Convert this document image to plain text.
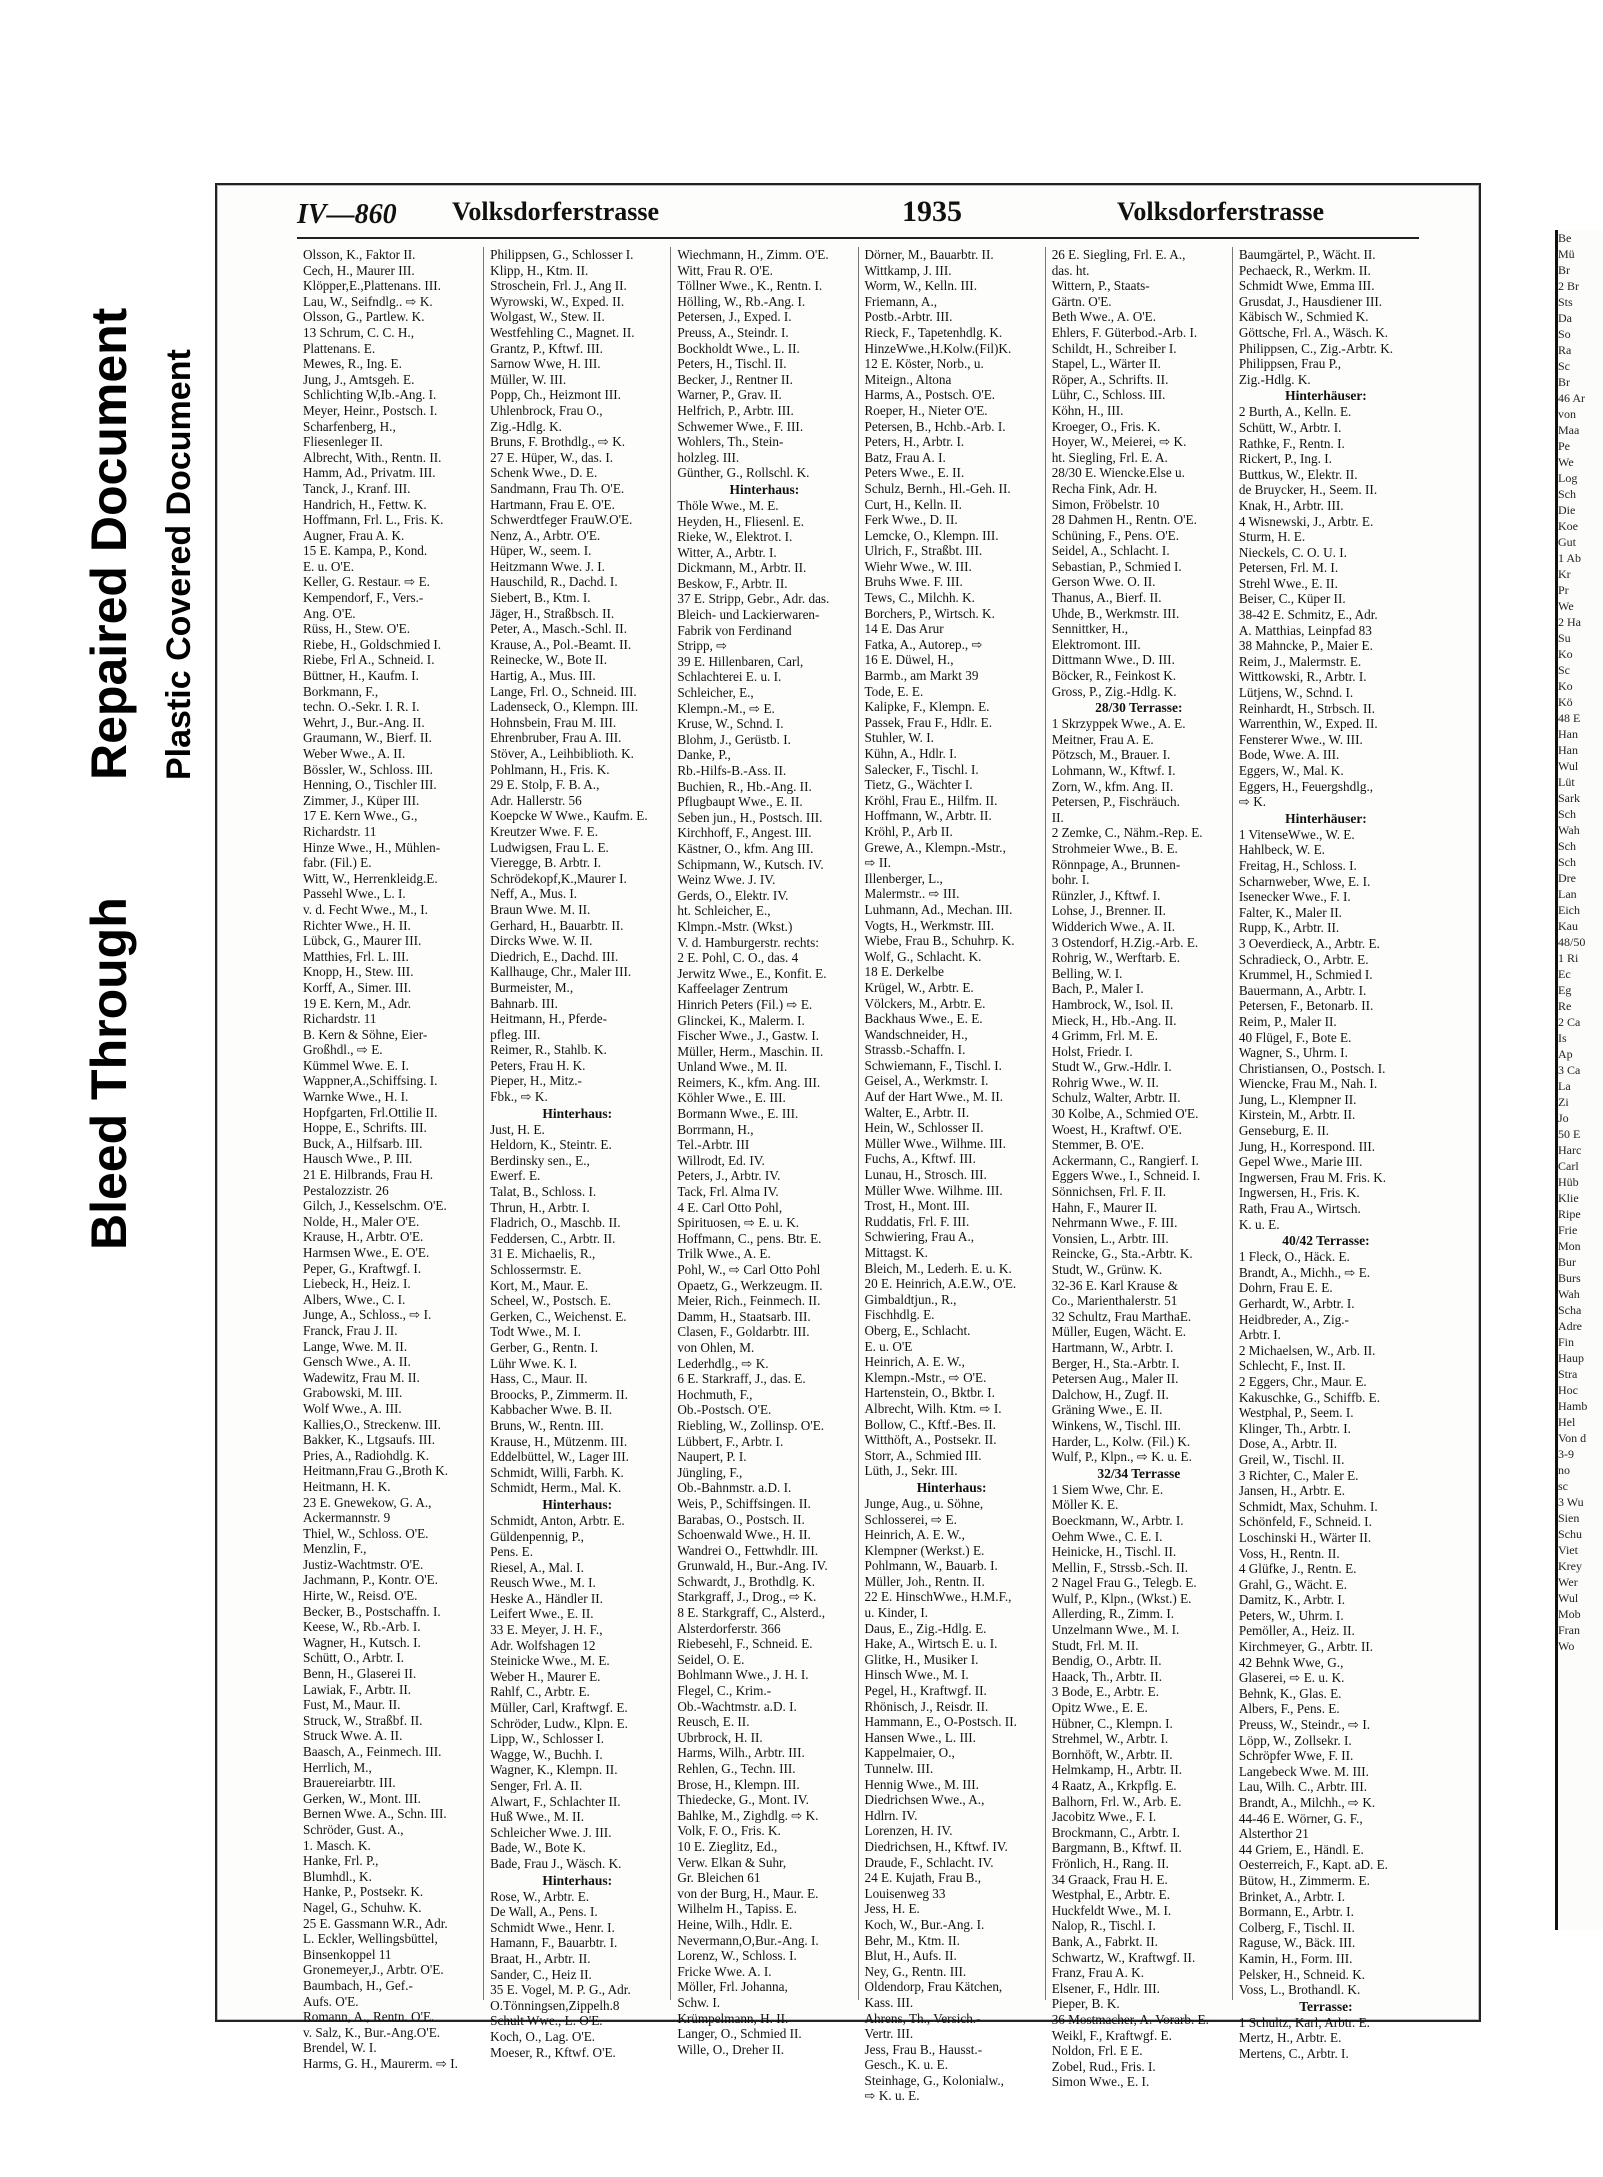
Bleed Through
Repaired Document Plastic Covered Document
IV—860 Volksdorferstrasse	1935	Volksdorferstrasse
Olsson, K., Faktor II.
Cech, H., Maurer III.
Klöpper,E.,Plattenans. III.
Lau, W., Seifndlg.. ⇨ K.
Olsson, G., Partlew. K.
13 Schrum, C. C. H.,
Plattenans. E.
Mewes, R., Ing. E.
Jung, J., Amtsgeh. E.
Schlichting W,Ib.-Ang. I.
Meyer, Heinr., Postsch. I.
Scharfenberg, H.,
Fliesenleger II.
Albrecht, With., Rentn. II.
Hamm, Ad., Privatm. III.
Tanck, J., Kranf. III.
Handrich, H., Fettw. K.
Hoffmann, Frl. L., Fris. K.
Augner, Frau A. K.
15 E. Kampa, P., Kond.
E. u. O'E.
Keller, G. Restaur. ⇨ E.
Kempendorf, F., Vers.-
Ang. O'E.
Rüss, H., Stew. O'E.
Riebe, H., Goldschmied I.
Riebe, Frl A., Schneid. I.
Büttner, H., Kaufm. I.
Borkmann, F.,
techn. O.-Sekr. I. R. I.
Wehrt, J., Bur.-Ang. II.
Graumann, W., Bierf. II.
Weber Wwe., A. II.
Bössler, W., Schloss. III.
Henning, O., Tischler III.
Zimmer, J., Küper III.
17 E. Kern Wwe., G.,
Richardstr. 11
Hinze Wwe., H., Mühlen-
fabr. (Fil.) E.
Witt, W., Herrenkleidg.E.
Passehl Wwe., L. I.
v. d. Fecht Wwe., M., I.
Richter Wwe., H. II.
Lübck, G., Maurer III.
Matthies, Frl. L. III.
Knopp, H., Stew. III.
Korff, A., Simer. III.
19 E. Kern, M., Adr.
Richardstr. 11
B. Kern & Söhne, Eier-
Großhdl., ⇨ E.
Kümmel Wwe. E. I.
Wappner,A.,Schiffsing. I.
Warnke Wwe., H. I.
Hopfgarten, Frl.Ottilie II.
Hoppe, E., Schrifts. III.
Buck, A., Hilfsarb. III.
Hausch Wwe., P. III.
21 E. Hilbrands, Frau H.
Pestalozzistr. 26
Gilch, J., Kesselschm. O'E.
Nolde, H., Maler O'E.
Krause, H., Arbtr. O'E.
Harmsen Wwe., E. O'E.
Peper, G., Kraftwgf. I.
Liebeck, H., Heiz. I.
Albers, Wwe., C. I.
Junge, A., Schloss., ⇨ I.
Franck, Frau J. II.
Lange, Wwe. M. II.
Gensch Wwe., A. II.
Wadewitz, Frau M. II.
Grabowski, M. III.
Wolf Wwe., A. III.
Kallies,O., Streckenw. III.
Bakker, K., Ltgsaufs. III.
Pries, A., Radiohdlg. K.
Heitmann,Frau G.,Broth K.
Heitmann, H. K.
23 E. Gnewekow, G. A.,
Ackermannstr. 9
Thiel, W., Schloss. O'E.
Menzlin, F.,
Justiz-Wachtmstr. O'E.
Jachmann, P., Kontr. O'E.
Hirte, W., Reisd. O'E.
Becker, B., Postschaffn. I.
Keese, W., Rb.-Arb. I.
Wagner, H., Kutsch. I.
Schütt, O., Arbtr. I.
Benn, H., Glaserei II.
Lawiak, F., Arbtr. II.
Fust, M., Maur. II.
Struck, W., Straßbf. II.
Struck Wwe. A. II.
Baasch, A., Feinmech. III.
Herrlich, M.,
Brauereiarbtr. III.
Gerken, W., Mont. III.
Bernen Wwe. A., Schn. III.
Schröder, Gust. A.,
1. Masch. K.
Hanke, Frl. P.,
Blumhdl., K.
Hanke, P., Postsekr. K.
Nagel, G., Schuhw. K.
25 E. Gassmann W.R., Adr.
L. Eckler, Wellingsbüttel,
Binsenkoppel 11
Gronemeyer,J., Arbtr. O'E.
Baumbach, H., Gef.-
Aufs. O'E.
Romann, A., Rentn. O'E.
v. Salz, K., Bur.-Ang.O'E.
Brendel, W. I.
Harms, G. H., Maurerm. ⇨ I.
Philippsen, G., Schlosser I.
Klipp, H., Ktm. II.
Stroschein, Frl. J., Ang II.
Wyrowski, W., Exped. II.
Wolgast, W., Stew. II.
Westfehling C., Magnet. II.
Grantz, P., Kftwf. III.
Sarnow Wwe, H. III.
Müller, W. III.
Popp, Ch., Heizmont III.
Uhlenbrock, Frau O.,
Zig.-Hdlg. K.
Bruns, F. Brothdlg., ⇨ K.
27 E. Hüper, W., das. I.
Schenk Wwe., D. E.
Sandmann, Frau Th. O'E.
Hartmann, Frau E. O'E.
Schwerdtfeger FrauW.O'E.
Nenz, A., Arbtr. O'E.
Hüper, W., seem. I.
Heitzmann Wwe. J. I.
Hauschild, R., Dachd. I.
Siebert, B., Ktm. I.
Jäger, H., Straßbsch. II.
Peter, A., Masch.-Schl. II.
Krause, A., Pol.-Beamt. II.
Reinecke, W., Bote II.
Hartig, A., Mus. III.
Lange, Frl. O., Schneid. III.
Ladenseck, O., Klempn. III.
Hohnsbein, Frau M. III.
Ehrenbruber, Frau A. III.
Stöver, A., Leihbiblioth. K.
Pohlmann, H., Fris. K.
29 E. Stolp, F. B. A.,
Adr. Hallerstr. 56
Koepcke W Wwe., Kaufm. E.
Kreutzer Wwe. F. E.
Ludwigsen, Frau L. E.
Vieregge, B. Arbtr. I.
Schrödekopf,K.,Maurer I.
Neff, A., Mus. I.
Braun Wwe. M. II.
Gerhard, H., Bauarbtr. II.
Dircks Wwe. W. II.
Diedrich, E., Dachd. III.
Kallhauge, Chr., Maler III.
Burmeister, M.,
Bahnarb. III.
Heitmann, H., Pferde-
pfleg. III.
Reimer, R., Stahlb. K.
Peters, Frau H. K.
Pieper, H., Mitz.-
Fbk., ⇨ K.
Hinterhaus:
Just, H. E.
Heldorn, K., Steintr. E.
Berdinsky sen., E.,
Ewerf. E.
Talat, B., Schloss. I.
Thrun, H., Arbtr. I.
Fladrich, O., Maschb. II.
Feddersen, C., Arbtr. II.
31 E. Michaelis, R.,
Schlossermstr. E.
Kort, M., Maur. E.
Scheel, W., Postsch. E.
Gerken, C., Weichenst. E.
Todt Wwe., M. I.
Gerber, G., Rentn. I.
Lühr Wwe. K. I.
Hass, C., Maur. II.
Broocks, P., Zimmerm. II.
Kabbacher Wwe. B. II.
Bruns, W., Rentn. III.
Krause, H., Mützenm. III.
Eddelbüttel, W., Lager III.
Schmidt, Willi, Farbh. K.
Schmidt, Herm., Mal. K.
Hinterhaus:
Schmidt, Anton, Arbtr. E.
Güldenpennig, P.,
Pens. E.
Riesel, A., Mal. I.
Reusch Wwe., M. I.
Heske A., Händler II.
Leifert Wwe., E. II.
33 E. Meyer, J. H. F.,
Adr. Wolfshagen 12
Steinicke Wwe., M. E.
Weber H., Maurer E.
Rahlf, C., Arbtr. E.
Müller, Carl, Kraftwgf. E.
Schröder, Ludw., Klpn. E.
Lipp, W., Schlosser I.
Wagge, W., Buchh. I.
Wagner, K., Klempn. II.
Senger, Frl. A. II.
Alwart, F., Schlachter II.
Huß Wwe., M. II.
Schleicher Wwe. J. III.
Bade, W., Bote K.
Bade, Frau J., Wäsch. K.
Hinterhaus:
Rose, W., Arbtr. E.
De Wall, A., Pens. I.
Schmidt Wwe., Henr. I.
Hamann, F., Bauarbtr. I.
Braat, H., Arbtr. II.
Sander, C., Heiz II.
35 E. Vogel, M. P. G., Adr.
O.Tönningsen,Zippelh.8
Schult Wwe., L. O'E.
Koch, O., Lag. O'E.
Moeser, R., Kftwf. O'E.
Wiechmann, H., Zimm. O'E.
Witt, Frau R. O'E.
Töllner Wwe., K., Rentn. I.
Hölling, W., Rb.-Ang. I.
Petersen, J., Exped. I.
Preuss, A., Steindr. I.
Bockholdt Wwe., L. II.
Peters, H., Tischl. II.
Becker, J., Rentner II.
Warner, P., Grav. II.
Helfrich, P., Arbtr. III.
Schwemer Wwe., F. III.
Wohlers, Th., Stein-
holzleg. III.
Günther, G., Rollschl. K.
Hinterhaus:
Thöle Wwe., M. E.
Heyden, H., Fliesenl. E.
Rieke, W., Elektrot. I.
Witter, A., Arbtr. I.
Dickmann, M., Arbtr. II.
Beskow, F., Arbtr. II.
37 E. Stripp, Gebr., Adr. das.
Bleich- und Lackierwaren-
Fabrik von Ferdinand
Stripp, ⇨
39 E. Hillenbaren, Carl,
Schlachterei E. u. I.
Schleicher, E.,
Klempn.-M., ⇨ E.
Kruse, W., Schnd. I.
Blohm, J., Gerüstb. I.
Danke, P.,
Rb.-Hilfs-B.-Ass. II.
Buchien, R., Hb.-Ang. II.
Pflugbaupt Wwe., E. II.
Seben jun., H., Postsch. III.
Kirchhoff, F., Angest. III.
Kästner, O., kfm. Ang III.
Schipmann, W., Kutsch. IV.
Weinz Wwe. J. IV.
Gerds, O., Elektr. IV.
ht. Schleicher, E.,
Klmpn.-Mstr. (Wkst.)
V. d. Hamburgerstr. rechts:
2 E. Pohl, C. O., das. 4
Jerwitz Wwe., E., Konfit. E.
Kaffeelager Zentrum
Hinrich Peters (Fil.) ⇨ E.
Glinckei, K., Malerm. I.
Fischer Wwe., J., Gastw. I.
Müller, Herm., Maschin. II.
Unland Wwe., M. II.
Reimers, K., kfm. Ang. III.
Köhler Wwe., E. III.
Bormann Wwe., E. III.
Borrmann, H.,
Tel.-Arbtr. III
Willrodt, Ed. IV.
Peters, J., Arbtr. IV.
Tack, Frl. Alma IV.
4 E. Carl Otto Pohl,
Spirituosen, ⇨ E. u. K.
Hoffmann, C., pens. Btr. E.
Trilk Wwe., A. E.
Pohl, W., ⇨ Carl Otto Pohl
Opaetz, G., Werkzeugm. II.
Meier, Rich., Feinmech. II.
Damm, H., Staatsarb. III.
Clasen, F., Goldarbtr. III.
von Ohlen, M.
Lederhdlg., ⇨ K.
6 E. Starkraff, J., das. E.
Hochmuth, F.,
Ob.-Postsch. O'E.
Riebling, W., Zollinsp. O'E.
Lübbert, F., Arbtr. I.
Naupert, P. I.
Jüngling, F.,
Ob.-Bahnmstr. a.D. I.
Weis, P., Schiffsingen. II.
Barabas, O., Postsch. II.
Schoenwald Wwe., H. II.
Wandrei O., Fettwhdlr. III.
Grunwald, H., Bur.-Ang. IV.
Schwardt, J., Brothdlg. K.
Starkgraff, J., Drog., ⇨ K.
8 E. Starkgraff, C., Alsterd.,
Alsterdorferstr. 366
Riebesehl, F., Schneid. E.
Seidel, O. E.
Bohlmann Wwe., J. H. I.
Flegel, C., Krim.-
Ob.-Wachtmstr. a.D. I.
Reusch, E. II.
Ubrbrock, H. II.
Harms, Wilh., Arbtr. III.
Rehlen, G., Techn. III.
Brose, H., Klempn. III.
Thiedecke, G., Mont. IV.
Bahlke, M., Zighdlg. ⇨ K.
Volk, F. O., Fris. K.
10 E. Zieglitz, Ed.,
Verw. Elkan & Suhr,
Gr. Bleichen 61
von der Burg, H., Maur. E.
Wilhelm H., Tapiss. E.
Heine, Wilh., Hdlr. E.
Nevermann,O,Bur.-Ang. I.
Lorenz, W., Schloss. I.
Fricke Wwe. A. I.
Möller, Frl. Johanna,
Schw. I.
Krümpelmann, H. II.
Langer, O., Schmied II.
Wille, O., Dreher II.
Dörner, M., Bauarbtr. II.
Wittkamp, J. III.
Worm, W., Kelln. III.
Friemann, A.,
Postb.-Arbtr. III.
Rieck, F., Tapetenhdlg. K.
HinzeWwe.,H.Kolw.(Fil)K.
12 E. Köster, Norb., u.
Miteign., Altona
Harms, A., Postsch. O'E.
Roeper, H., Nieter O'E.
Petersen, B., Hchb.-Arb. I.
Peters, H., Arbtr. I.
Batz, Frau A. I.
Peters Wwe., E. II.
Schulz, Bernh., Hl.-Geh. II.
Curt, H., Kelln. II.
Ferk Wwe., D. II.
Lemcke, O., Klempn. III.
Ulrich, F., Straßbt. III.
Wiehr Wwe., W. III.
Bruhs Wwe. F. III.
Tews, C., Milchh. K.
Borchers, P., Wirtsch. K.
14 E. Das Arur
Fatka, A., Autorep., ⇨
16 E. Düwel, H.,
Barmb., am Markt 39
Tode, E. E.
Kalipke, F., Klempn. E.
Passek, Frau F., Hdlr. E.
Stuhler, W. I.
Kühn, A., Hdlr. I.
Salecker, F., Tischl. I.
Tietz, G., Wächter I.
Kröhl, Frau E., Hilfm. II.
Hoffmann, W., Arbtr. II.
Kröhl, P., Arb II.
Grewe, A., Klempn.-Mstr.,
⇨ II.
Illenberger, L.,
Malermstr.. ⇨ III.
Luhmann, Ad., Mechan. III.
Vogts, H., Werkmstr. III.
Wiebe, Frau B., Schuhrp. K.
Wolf, G., Schlacht. K.
18 E. Derkelbe
Krügel, W., Arbtr. E.
Völckers, M., Arbtr. E.
Backhaus Wwe., E. E.
Wandschneider, H.,
Strassb.-Schaffn. I.
Schwiemann, F., Tischl. I.
Geisel, A., Werkmstr. I.
Auf der Hart Wwe., M. II.
Walter, E., Arbtr. II.
Hein, W., Schlosser II.
Müller Wwe., Wilhme. III.
Fuchs, A., Kftwf. III.
Lunau, H., Strosch. III.
Müller Wwe. Wilhme. III.
Trost, H., Mont. III.
Ruddatis, Frl. F. III.
Schwiering, Frau A.,
Mittagst. K.
Bleich, M., Lederh. E. u. K.
20 E. Heinrich, A.E.W., O'E.
Gimbaldtjun., R.,
Fischhdlg. E.
Oberg, E., Schlacht.
E. u. O'E
Heinrich, A. E. W.,
Klempn.-Mstr., ⇨ O'E.
Hartenstein, O., Bktbr. I.
Albrecht, Wilh. Ktm. ⇨ I.
Bollow, C., Kftf.-Bes. II.
Witthöft, A., Postsekr. II.
Storr, A., Schmied III.
Lüth, J., Sekr. III.
Hinterhaus:
Junge, Aug., u. Söhne,
Schlosserei, ⇨ E.
Heinrich, A. E. W.,
Klempner (Werkst.) E.
Pohlmann, W., Bauarb. I.
Müller, Joh., Rentn. II.
22 E. HinschWwe., H.M.F.,
u. Kinder, I.
Daus, E., Zig.-Hdlg. E.
Hake, A., Wirtsch E. u. I.
Glitke, H., Musiker I.
Hinsch Wwe., M. I.
Pegel, H., Kraftwgf. II.
Rhönisch, J., Reisdr. II.
Hammann, E., O-Postsch. II.
Hansen Wwe., L. III.
Kappelmaier, O.,
Tunnelw. III.
Hennig Wwe., M. III.
Diedrichsen Wwe., A.,
Hdlrn. IV.
Lorenzen, H. IV.
Diedrichsen, H., Kftwf. IV.
Draude, F., Schlacht. IV.
24 E. Kujath, Frau B.,
Louisenweg 33
Jess, H. E.
Koch, W., Bur.-Ang. I.
Behr, M., Ktm. II.
Blut, H., Aufs. II.
Ney, G., Rentn. III.
Oldendorp, Frau Kätchen,
Kass. III.
Ahrens, Th., Versich.-
Vertr. III.
Jess, Frau B., Hausst.-
Gesch., K. u. E.
Steinhage, G., Kolonialw.,
⇨ K. u. E.
26 E. Siegling, Frl. E. A.,
das. ht.
Wittern, P., Staats-
Gärtn. O'E.
Beth Wwe., A. O'E.
Ehlers, F. Güterbod.-Arb. I.
Schildt, H., Schreiber I.
Stapel, L., Wärter II.
Röper, A., Schrifts. II.
Lühr, C., Schloss. III.
Köhn, H., III.
Kroeger, O., Fris. K.
Hoyer, W., Meierei, ⇨ K.
ht. Siegling, Frl. E. A.
28/30 E. Wiencke.Else u.
Recha Fink, Adr. H.
Simon, Fröbelstr. 10
28 Dahmen H., Rentn. O'E.
Schüning, F., Pens. O'E.
Seidel, A., Schlacht. I.
Sebastian, P., Schmied I.
Gerson Wwe. O. II.
Thanus, A., Bierf. II.
Uhde, B., Werkmstr. III.
Sennittker, H.,
Elektromont. III.
Dittmann Wwe., D. III.
Böcker, R., Feinkost K.
Gross, P., Zig.-Hdlg. K.
28/30 Terrasse:
1 Skrzyppek Wwe., A. E.
Meitner, Frau A. E.
Pötzsch, M., Brauer. I.
Lohmann, W., Kftwf. I.
Zorn, W., kfm. Ang. II.
Petersen, P., Fischräuch.
II.
2 Zemke, C., Nähm.-Rep. E.
Strohmeier Wwe., B. E.
Rönnpage, A., Brunnen-
bohr. I.
Rünzler, J., Kftwf. I.
Lohse, J., Brenner. II.
Widderich Wwe., A. II.
3 Ostendorf, H.Zig.-Arb. E.
Rohrig, W., Werftarb. E.
Belling, W. I.
Bach, P., Maler I.
Hambrock, W., Isol. II.
Mieck, H., Hb.-Ang. II.
4 Grimm, Frl. M. E.
Holst, Friedr. I.
Studt W., Grw.-Hdlr. I.
Rohrig Wwe., W. II.
Schulz, Walter, Arbtr. II.
30 Kolbe, A., Schmied O'E.
Woest, H., Kraftwf. O'E.
Stemmer, B. O'E.
Ackermann, C., Rangierf. I.
Eggers Wwe., I., Schneid. I.
Sönnichsen, Frl. F. II.
Hahn, F., Maurer II.
Nehrmann Wwe., F. III.
Vonsien, L., Arbtr. III.
Reincke, G., Sta.-Arbtr. K.
Studt, W., Grünw. K.
32-36 E. Karl Krause &
Co., Marienthalerstr. 51
32 Schultz, Frau MarthaE.
Müller, Eugen, Wächt. E.
Hartmann, W., Arbtr. I.
Berger, H., Sta.-Arbtr. I.
Petersen Aug., Maler II.
Dalchow, H., Zugf. II.
Gräning Wwe., E. II.
Winkens, W., Tischl. III.
Harder, L., Kolw. (Fil.) K.
Wulf, P., Klpn., ⇨ K. u. E.
32/34 Terrasse
1 Siem Wwe, Chr. E.
Möller K. E.
Boeckmann, W., Arbtr. I.
Oehm Wwe., C. E. I.
Heinicke, H., Tischl. II.
Mellin, F., Strssb.-Sch. II.
2 Nagel Frau G., Telegb. E.
Wulf, P., Klpn., (Wkst.) E.
Allerding, R., Zimm. I.
Unzelmann Wwe., M. I.
Studt, Frl. M. II.
Bendig, O., Arbtr. II.
Haack, Th., Arbtr. II.
3 Bode, E., Arbtr. E.
Opitz Wwe., E. E.
Hübner, C., Klempn. I.
Strehmel, W., Arbtr. I.
Bornhöft, W., Arbtr. II.
Helmkamp, H., Arbtr. II.
4 Raatz, A., Krkpflg. E.
Balhorn, Frl. W., Arb. E.
Jacobitz Wwe., F. I.
Brockmann, C., Arbtr. I.
Bargmann, B., Kftwf. II.
Frönlich, H., Rang. II.
34 Graack, Frau H. E.
Westphal, E., Arbtr. E.
Huckfeldt Wwe., M. I.
Nalop, R., Tischl. I.
Bank, A., Fabrkt. II.
Schwartz, W., Kraftwgf. II.
Franz, Frau A. K.
Elsener, F., Hdlr. III.
Pieper, B. K.
36 Mostmacher, A. Vorarb. E.
Weikl, F., Kraftwgf. E.
Noldon, Frl. E E.
Zobel, Rud., Fris. I.
Simon Wwe., E. I.
Baumgärtel, P., Wächt. II.
Pechaeck, R., Werkm. II.
Schmidt Wwe, Emma III.
Grusdat, J., Hausdiener III.
Käbisch W., Schmied K.
Göttsche, Frl. A., Wäsch. K.
Philippsen, C., Zig.-Arbtr. K.
Philippsen, Frau P.,
Zig.-Hdlg. K.
Hinterhäuser:
2 Burth, A., Kelln. E.
Schütt, W., Arbtr. I.
Rathke, F., Rentn. I.
Rickert, P., Ing. I.
Buttkus, W., Elektr. II.
de Bruycker, H., Seem. II.
Knak, H., Arbtr. III.
4 Wisnewski, J., Arbtr. E.
Sturm, H. E.
Nieckels, C. O. U. I.
Petersen, Frl. M. I.
Strehl Wwe., E. II.
Beiser, C., Küper II.
38-42 E. Schmitz, E., Adr.
A. Matthias, Leinpfad 83
38 Mahncke, P., Maier E.
Reim, J., Malermstr. E.
Wittkowski, R., Arbtr. I.
Lütjens, W., Schnd. I.
Reinhardt, H., Strbsch. II.
Warrenthin, W., Exped. II.
Fensterer Wwe., W. III.
Bode, Wwe. A. III.
Eggers, W., Mal. K.
Eggers, H., Feuergshdlg.,
⇨ K.
Hinterhäuser:
1 VitenseWwe., W. E.
Hahlbeck, W. E.
Freitag, H., Schloss. I.
Scharnweber, Wwe, E. I.
Isenecker Wwe., F. I.
Falter, K., Maler II.
Rupp, K., Arbtr. II.
3 Oeverdieck, A., Arbtr. E.
Schradieck, O., Arbtr. E.
Krummel, H., Schmied I.
Bauermann, A., Arbtr. I.
Petersen, F., Betonarb. II.
Reim, P., Maler II.
40 Flügel, F., Bote E.
Wagner, S., Uhrm. I.
Christiansen, O., Postsch. I.
Wiencke, Frau M., Nah. I.
Jung, L., Klempner II.
Kirstein, M., Arbtr. II.
Genseburg, E. II.
Jung, H., Korrespond. III.
Gepel Wwe., Marie III.
Ingwersen, Frau M. Fris. K.
Ingwersen, H., Fris. K.
Rath, Frau A., Wirtsch.
K. u. E.
40/42 Terrasse:
1 Fleck, O., Häck. E.
Brandt, A., Michh., ⇨ E.
Dohrn, Frau E. E.
Gerhardt, W., Arbtr. I.
Heidbreder, A., Zig.-
Arbtr. I.
2 Michaelsen, W., Arb. II.
Schlecht, F., Inst. II.
2 Eggers, Chr., Maur. E.
Kakuschke, G., Schiffb. E.
Westphal, P., Seem. I.
Klinger, Th., Arbtr. I.
Dose, A., Arbtr. II.
Greil, W., Tischl. II.
3 Richter, C., Maler E.
Jansen, H., Arbtr. E.
Schmidt, Max, Schuhm. I.
Schönfeld, F., Schneid. I.
Loschinski H., Wärter II.
Voss, H., Rentn. II.
4 Glüfke, J., Rentn. E.
Grahl, G., Wächt. E.
Damitz, K., Arbtr. I.
Peters, W., Uhrm. I.
Pemöller, A., Heiz. II.
Kirchmeyer, G., Arbtr. II.
42 Behnk Wwe, G.,
Glaserei, ⇨ E. u. K.
Behnk, K., Glas. E.
Albers, F., Pens. E.
Preuss, W., Steindr., ⇨ I.
Löpp, W., Zollsekr. I.
Schröpfer Wwe, F. II.
Langebeck Wwe. M. III.
Lau, Wilh. C., Arbtr. III.
Brandt, A., Milchh., ⇨ K.
44-46 E. Wörner, G. F.,
Alsterthor 21
44 Griem, E., Händl. E.
Oesterreich, F., Kapt. aD. E.
Bütow, H., Zimmerm. E.
Brinket, A., Arbtr. I.
Bormann, E., Arbtr. I.
Colberg, F., Tischl. II.
Raguse, W., Bäck. III.
Kamin, H., Form. III.
Pelsker, H., Schneid. K.
Voss, L., Brothandl. K.
Terrasse:
1 Schultz, Karl, Arbtr. E.
Mertz, H., Arbtr. E.
Mertens, C., Arbtr. I.
Be
Mü
Br
2 Br
Sts
Da
So
Ra
Sc
Br
46 Ar
von
Maa
Pe
We
Log
Sch
Die
Koe
Gut
1 Ab
Kr
Pr
We
2 Ha
Su
Ko
Sc
Ko
Kö
48 E
Han
Han
Wul
Lüt
Sark
Sch
Wah
Sch
Sch
Dre
Lan
Eich
Kau
48/50
1 Ri
Ec
Eg
Re
2 Ca
Is
Ap
3 Ca
La
Zi
Jo
50 E
Harc
Carl
Hüb
Klie
Ripe
Frie
Mon
Bur
Burs
Wah
Scha
Adre
Fin
Haup
Stra
Hoc
Hamb
Hel
Von d
3-9
no
sc
3 Wu
Sien
Schu
Viet
Krey
Wer
Wul
Mob
Fran
Wo
